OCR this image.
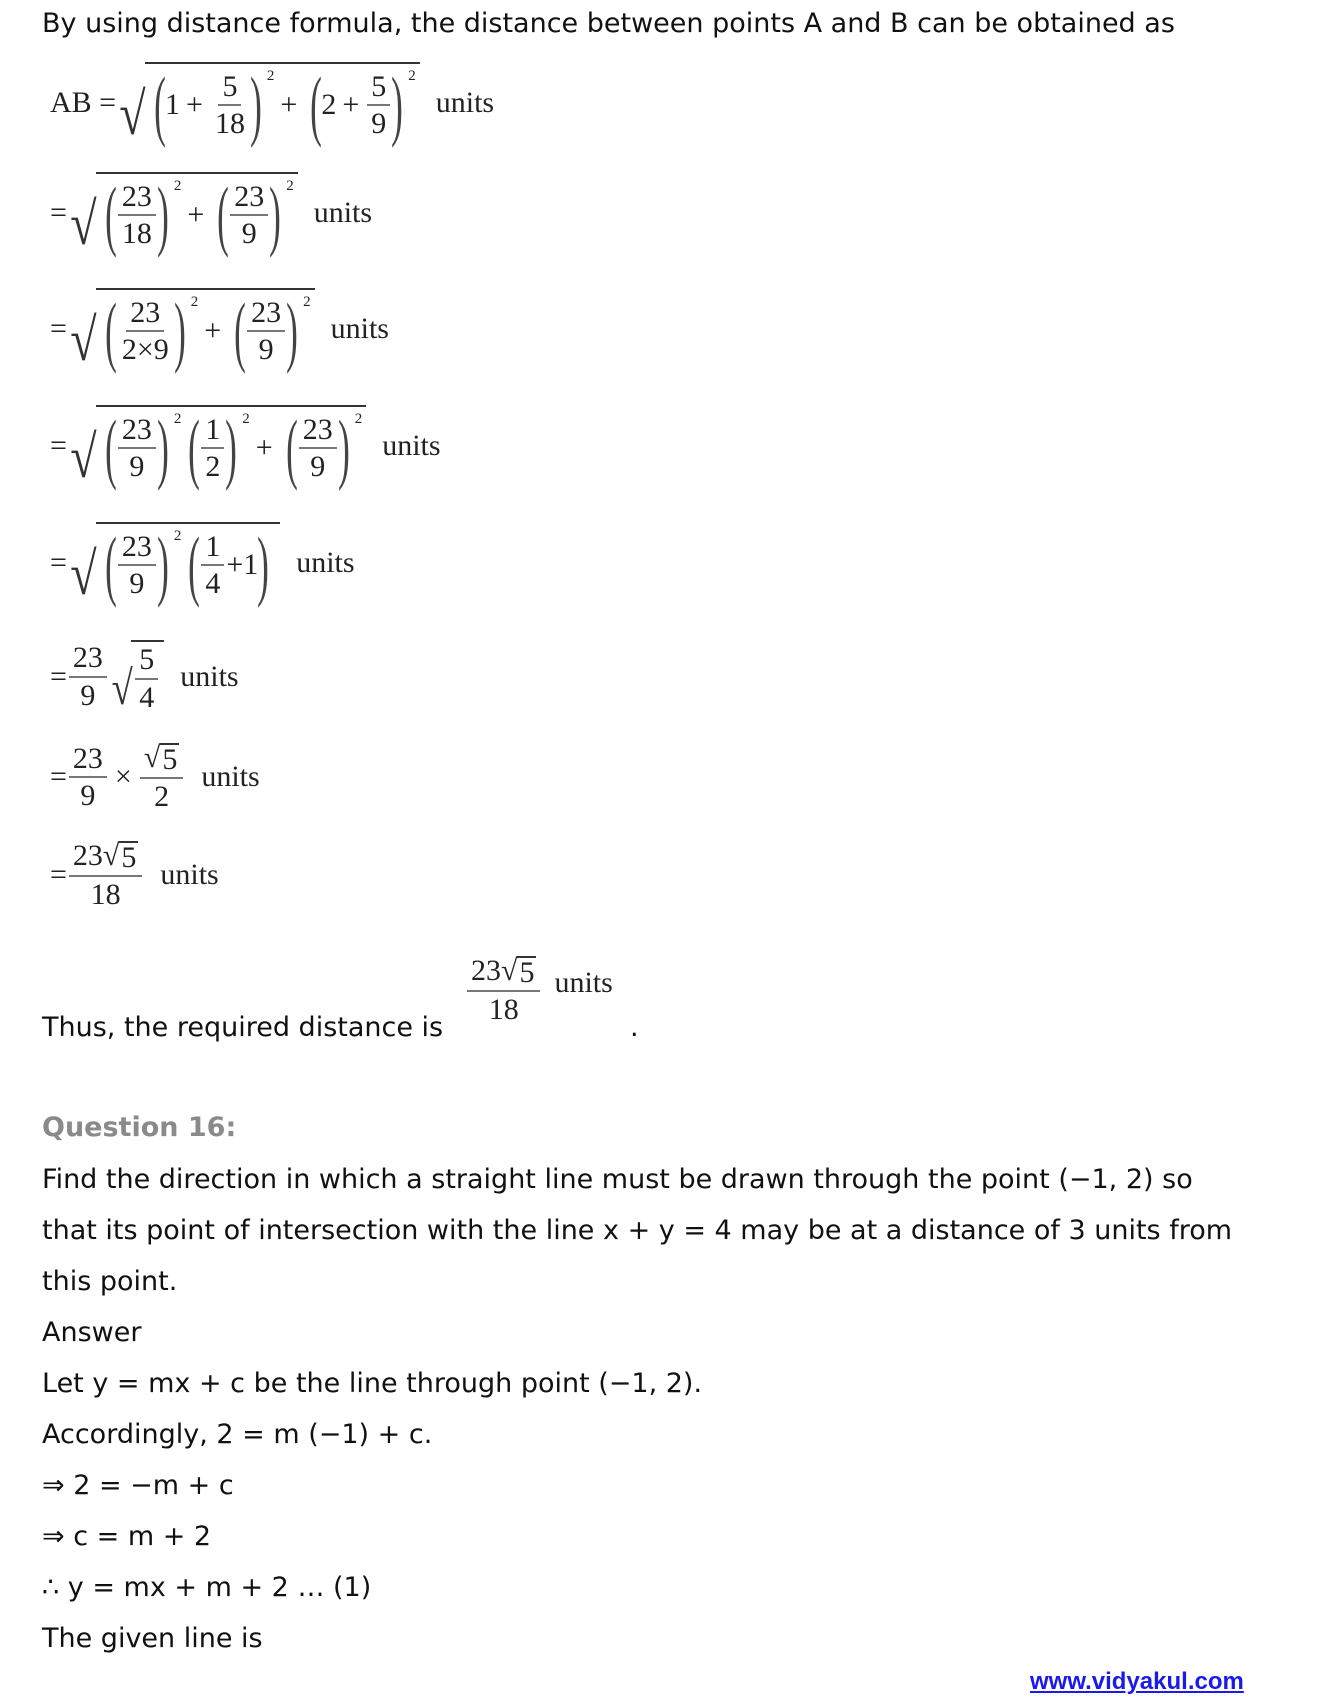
By using distance formula, the distance between points A and B can be obtained as
AB = √ ( $1 + \frac{5}{18}$
) 2
+ ( $2 + \frac{5}{9}$
) 2
units
= √ ( $\frac{23}{18}$
) 2
+ ( $\frac{23}{9}$
) 2
units
= √ ( $\frac{23}{2\times 9}$
) 2
+ ( $\frac{23}{9}$
) 2
units
= √ ( $\frac{23}{9}$
) 2 ( $\frac{1}{2}$
) 2
+ ( $\frac{23}{9}$
) 2
units
= √ ( $\frac{23}{9}$
) 2 ( $\frac{1}{4} +1$
) units
= $\frac{23}{9}$ √ $\frac{5}{4}$ units
= $\frac{23}{9} \times \frac{√ 5}{2}$ units
= $\frac{23 √ 5}{18}$ units
Thus, the required distance is
$\frac{23 √ 5}{18}$ units
.
Question 16:
Find the direction in which a straight line must be drawn through the point (−1, 2) so
that its point of intersection with the line x + y = 4 may be at a distance of 3 units from
this point.
Answer
Let y = mx + c be the line through point (−1, 2).
Accordingly, 2 = m (−1) + c.
⇒ 2 = −m + c
⇒ c = m + 2
∴ y = mx + m + 2 … (1)
The given line is
www.vidyakul.com
